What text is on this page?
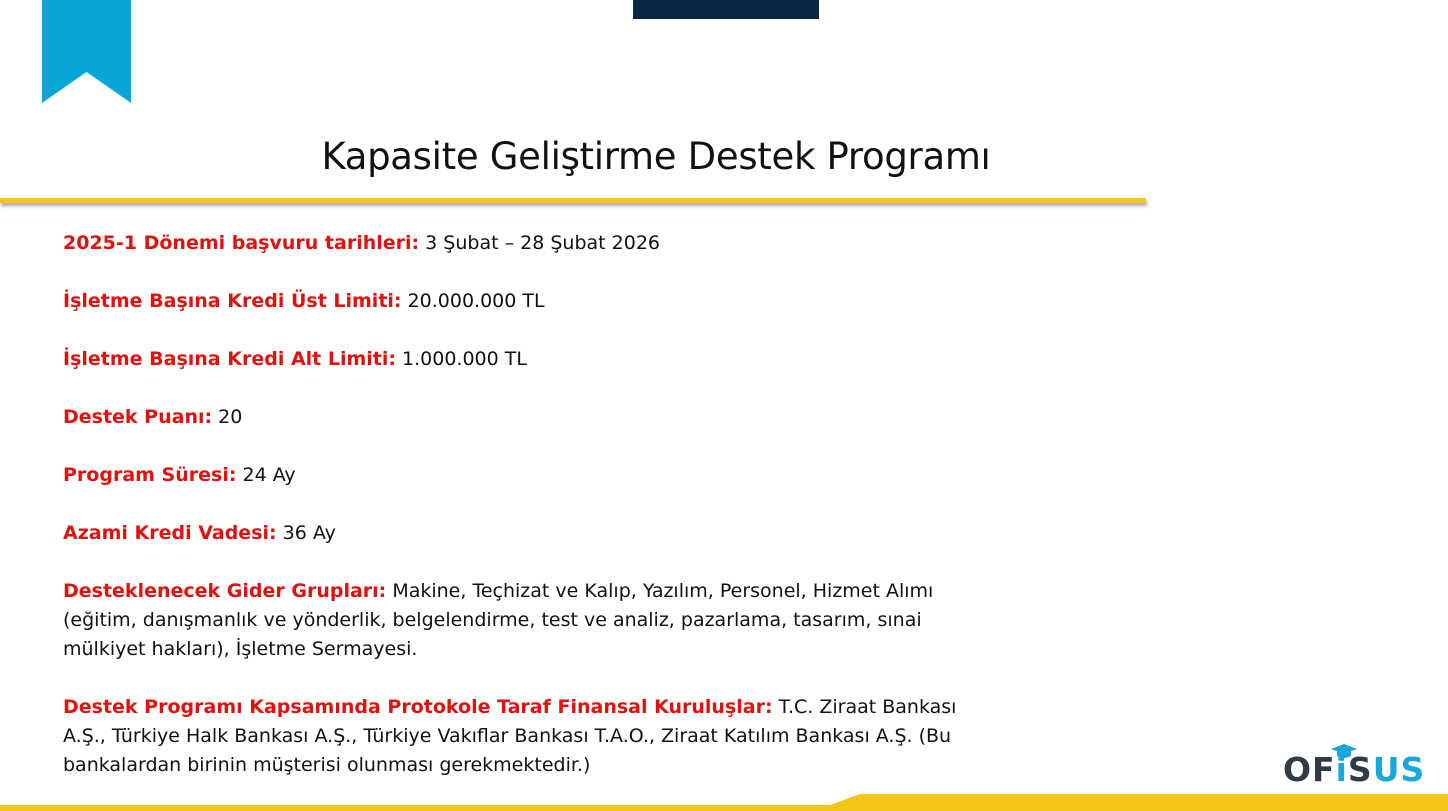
Kapasite Geliştirme Destek Programı
2025-1 Dönemi başvuru tarihleri: 3 Şubat – 28 Şubat 2026
İşletme Başına Kredi Üst Limiti: 20.000.000 TL
İşletme Başına Kredi Alt Limiti: 1.000.000 TL
Destek Puanı: 20
Program Süresi: 24 Ay
Azami Kredi Vadesi: 36 Ay
Desteklenecek Gider Grupları: Makine, Teçhizat ve Kalıp, Yazılım, Personel, Hizmet Alımı (eğitim, danışmanlık ve yönderlik, belgelendirme, test ve analiz, pazarlama, tasarım, sınai mülkiyet hakları), İşletme Sermayesi.
Destek Programı Kapsamında Protokole Taraf Finansal Kuruluşlar: T.C. Ziraat Bankası A.Ş., Türkiye Halk Bankası A.Ş., Türkiye Vakıflar Bankası T.A.O., Ziraat Katılım Bankası A.Ş. (Bu bankalardan birinin müşterisi olunması gerekmektedir.)	OFiSUS
